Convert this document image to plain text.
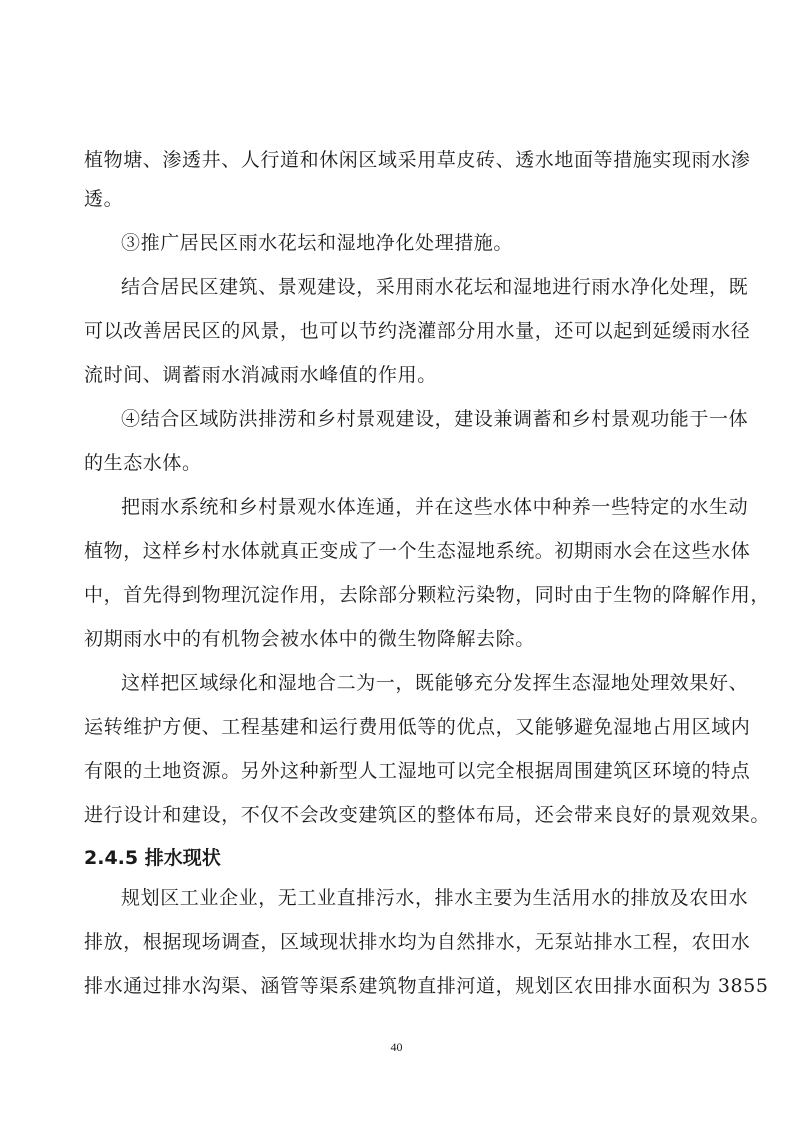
植物塘、渗透井、人行道和休闲区域采用草皮砖、透水地面等措施实现雨水渗
透。
③推广居民区雨水花坛和湿地净化处理措施。
结合居民区建筑、景观建设，采用雨水花坛和湿地进行雨水净化处理，既
可以改善居民区的风景，也可以节约浇灌部分用水量，还可以起到延缓雨水径
流时间、调蓄雨水消减雨水峰值的作用。
④结合区域防洪排涝和乡村景观建设，建设兼调蓄和乡村景观功能于一体
的生态水体。
把雨水系统和乡村景观水体连通，并在这些水体中种养一些特定的水生动
植物，这样乡村水体就真正变成了一个生态湿地系统。初期雨水会在这些水体
中，首先得到物理沉淀作用，去除部分颗粒污染物，同时由于生物的降解作用，
初期雨水中的有机物会被水体中的微生物降解去除。
这样把区域绿化和湿地合二为一，既能够充分发挥生态湿地处理效果好、
运转维护方便、工程基建和运行费用低等的优点，又能够避免湿地占用区域内
有限的土地资源。另外这种新型人工湿地可以完全根据周围建筑区环境的特点
进行设计和建设，不仅不会改变建筑区的整体布局，还会带来良好的景观效果。
2.4.5 排水现状
规划区工业企业，无工业直排污水，排水主要为生活用水的排放及农田水
排放，根据现场调查，区域现状排水均为自然排水，无泵站排水工程，农田水
排水通过排水沟渠、涵管等渠系建筑物直排河道，规划区农田排水面积为 3855
40
